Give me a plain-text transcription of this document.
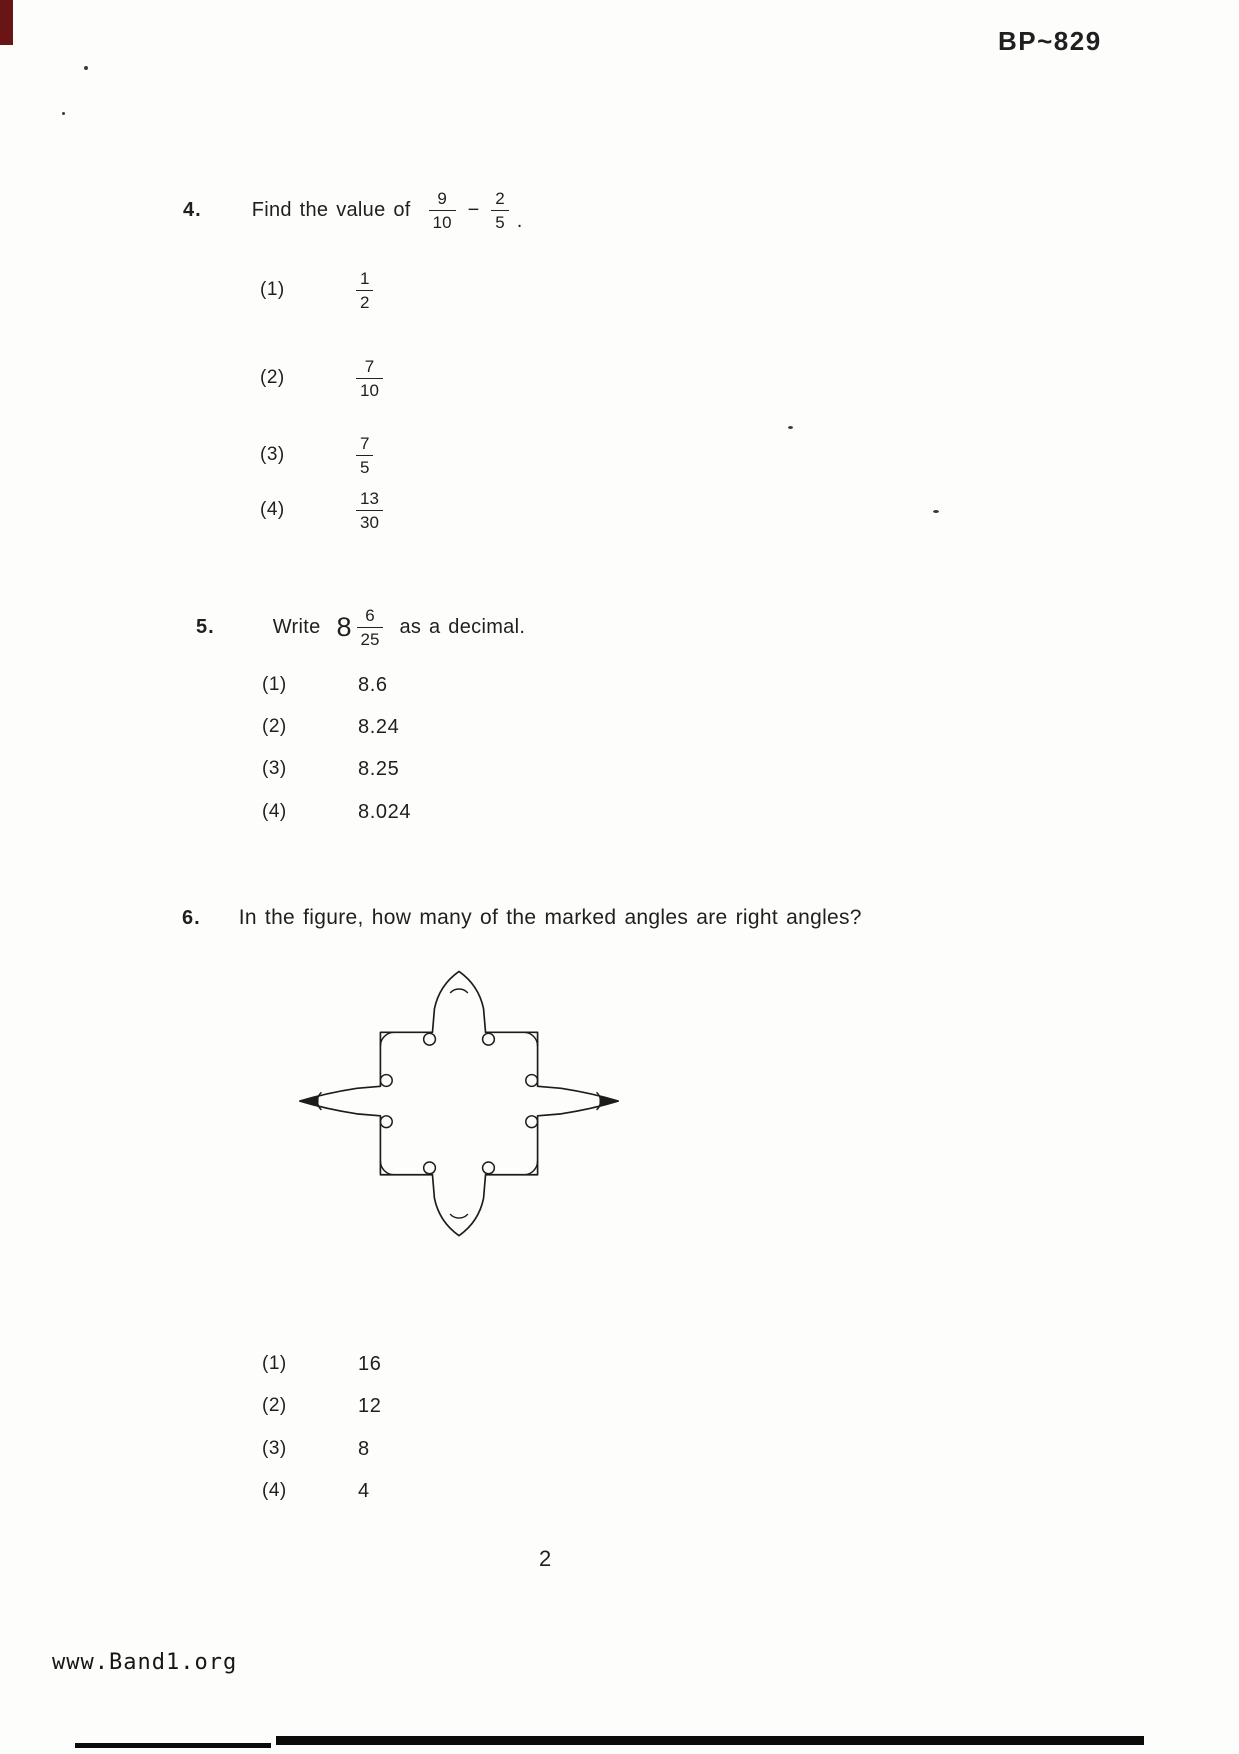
BP~829
4.	Find the value of $\frac{9}{10} - \frac{2}{5}$ .
(1)	$\frac{1}{2}$
(2)	$\frac{7}{10}$
(3)	$\frac{7}{5}$
(4)	$\frac{13}{30}$
5.	Write $8 \frac{6}{25}$ as a decimal.
(1)	8.6
(2)	8.24
(3)	8.25
(4)	8.024
6. In the figure, how many of the marked angles are right angles?
(1)	16
(2)	12
(3)	8
(4)	4
2
www.Band1.org
